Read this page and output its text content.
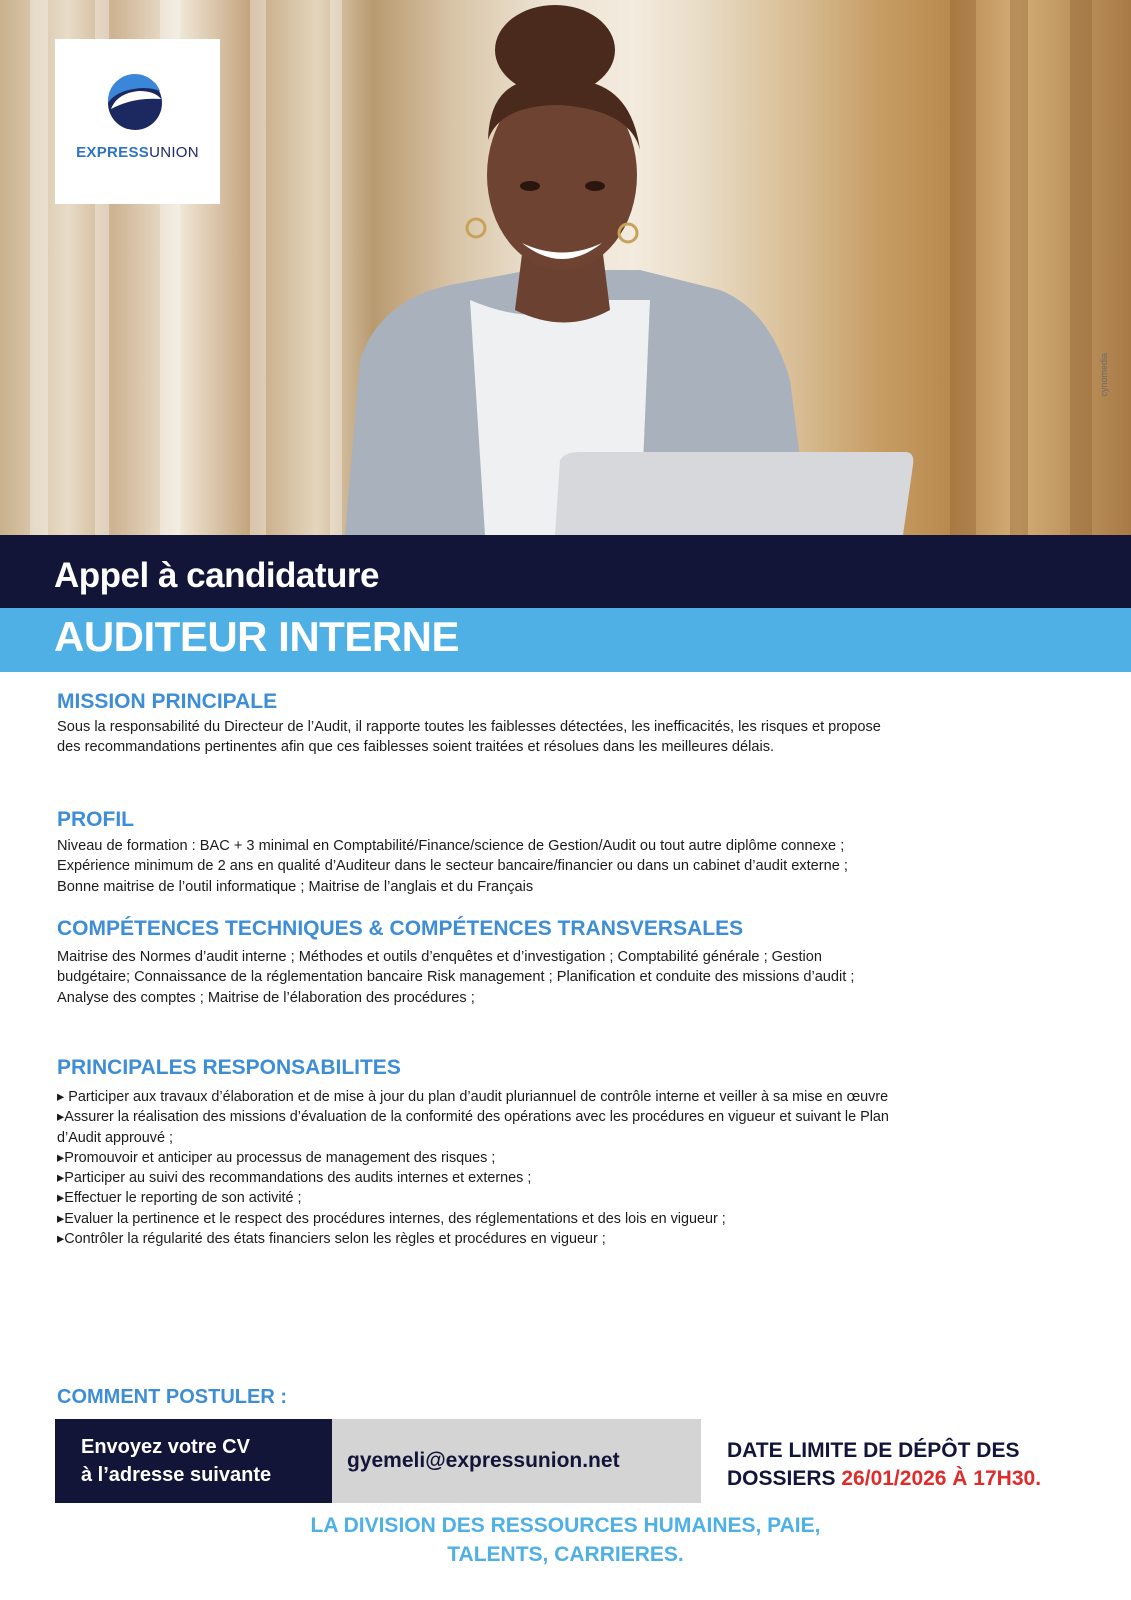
cynomedia
EXPRESSUNION
Appel à candidature
AUDITEUR INTERNE
MISSION PRINCIPALE

Sous la responsabilité du Directeur de l’Audit, il rapporte toutes les faiblesses détectées, les inefficacités, les risques et propose

des recommandations pertinentes afin que ces faiblesses soient traitées et résolues dans les meilleures délais.

PROFIL

Niveau de formation : BAC + 3 minimal en Comptabilité/Finance/science de Gestion/Audit ou tout autre diplôme connexe ;

Expérience minimum de 2 ans en qualité d’Auditeur dans le secteur bancaire/financier ou dans un cabinet d’audit externe ;

Bonne maitrise de l’outil informatique ; Maitrise de l’anglais et du Français

COMPÉTENCES TECHNIQUES & COMPÉTENCES TRANSVERSALES

Maitrise des Normes d’audit interne ; Méthodes et outils d’enquêtes et d’investigation ; Comptabilité générale ; Gestion

budgétaire; Connaissance de la réglementation bancaire Risk management ; Planification et conduite des missions d’audit ;

Analyse des comptes ; Maitrise de l’élaboration des procédures ;

PRINCIPALES RESPONSABILITES

▸ Participer aux travaux d’élaboration et de mise à jour du plan d’audit pluriannuel de contrôle interne et veiller à sa mise en œuvre

▸Assurer la réalisation des missions d’évaluation de la conformité des opérations avec les procédures en vigueur et suivant le Plan

d’Audit approuvé ;

▸Promouvoir et anticiper au processus de management des risques ;

▸Participer au suivi des recommandations des audits internes et externes ;

▸Effectuer le reporting de son activité ;

▸Evaluer la pertinence et le respect des procédures internes, des réglementations et des lois en vigueur ;

▸Contrôler la régularité des états financiers selon les règles et procédures en vigueur ;

COMMENT POSTULER :
Envoyez votre CV
à l’adresse suivante
gyemeli@expressunion.net	DATE LIMITE DE DÉPÔT DES
DOSSIERS 26/01/2026 À 17H30.
LA DIVISION DES RESSOURCES HUMAINES, PAIE,
TALENTS, CARRIERES.
